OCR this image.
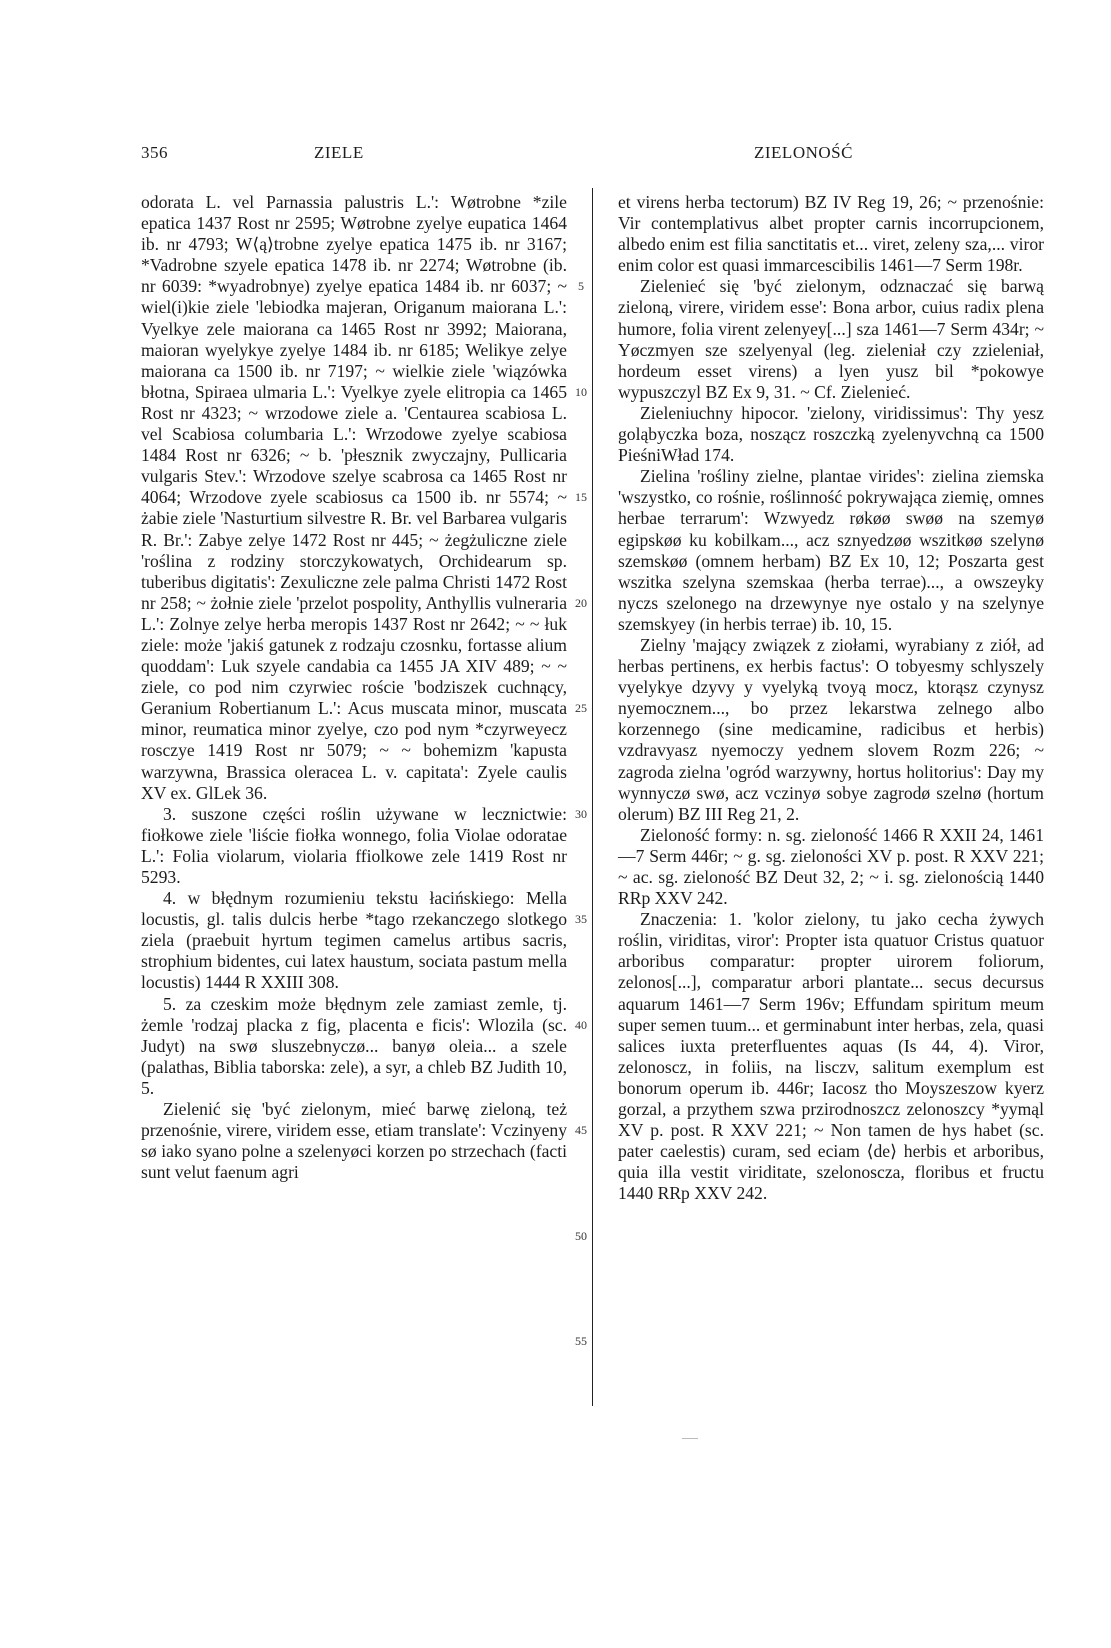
356	ZIELE	ZIELONOŚĆ

odorata L. vel Parnassia palustris L.': Wøtrobne *zile epatica 1437 Rost nr 2595; Wøtrobne zyelye eupatica 1464 ib. nr 4793; W⟨ą⟩trobne zyelye epatica 1475 ib. nr 3167; *Vadrobne szyele epatica 1478 ib. nr 2274; Wøtrobne (ib. nr 6039: *wyadrobnye) zyelye epatica 1484 ib. nr 6037; ~ wiel(i)kie ziele 'lebiodka majeran, Origanum maiorana L.': Vyelkye zele maiorana ca 1465 Rost nr 3992; Maiorana, maioran wyelykye zyelye 1484 ib. nr 6185; Welikye zelye maiorana ca 1500 ib. nr 7197; ~ wielkie ziele 'wiązówka błotna, Spiraea ulmaria L.': Vyelkye zyele elitropia ca 1465 Rost nr 4323; ~ wrzodowe ziele a. 'Centaurea scabiosa L. vel Scabiosa columbaria L.': Wrzodowe zyelye scabiosa 1484 Rost nr 6326; ~ b. 'płesznik zwyczajny, Pullicaria vulgaris Stev.': Wrzodove szelye scabrosa ca 1465 Rost nr 4064; Wrzodove zyele scabiosus ca 1500 ib. nr 5574; ~ żabie ziele 'Nasturtium silvestre R. Br. vel Barbarea vulgaris R. Br.': Zabye zelye 1472 Rost nr 445; ~ żegżuliczne ziele 'roślina z rodziny storczykowatych, Orchidearum sp. tuberibus digitatis': Zexuliczne zele palma Christi 1472 Rost nr 258; ~ żołnie ziele 'przelot pospolity, Anthyllis vulneraria L.': Zolnye zelye herba meropis 1437 Rost nr 2642; ~ ~ łuk ziele: może 'jakiś gatunek z rodzaju czosnku, fortasse alium quoddam': Luk szyele candabia ca 1455 JA XIV 489; ~ ~ ziele, co pod nim czyrwiec roście 'bodziszek cuchnący, Geranium Robertianum L.': Acus muscata minor, muscata minor, reumatica minor zyelye, czo pod nym *czyrweyecz rosczye 1419 Rost nr 5079; ~ ~ bohemizm 'kapusta warzywna, Brassica oleracea L. v. capitata': Zyele caulis XV ex. GlLek 36.

3. suszone części roślin używane w lecznictwie: fiołkowe ziele 'liście fiołka wonnego, folia Violae odoratae L.': Folia violarum, violaria ffiolkowe zele 1419 Rost nr 5293.

4. w błędnym rozumieniu tekstu łacińskiego: Mella locustis, gl. talis dulcis herbe *tago rzekanczego slotkego ziela (praebuit hyrtum tegimen camelus artibus sacris, strophium bidentes, cui latex haustum, sociata pastum mella locustis) 1444 R XXIII 308.

5. za czeskim może błędnym zele zamiast zemle, tj. żemle 'rodzaj placka z fig, placenta e ficis': Wlozila (sc. Judyt) na swø sluszebnyczø... banyø oleia... a szele (palathas, Biblia taborska: zele), a syr, a chleb BZ Judith 10, 5.

Zielenić się 'być zielonym, mieć barwę zieloną, też przenośnie, virere, viridem esse, etiam translate': Vczinyeny sø iako syano polne a szelenyøci korzen po strzechach (facti sunt velut faenum agri

5
10
15
20
25
30
35
40
45
50
55

et virens herba tectorum) BZ IV Reg 19, 26; ~ przenośnie: Vir contemplativus albet propter carnis incorrupcionem, albedo enim est filia sanctitatis et... viret, zeleny sza,... viror enim color est quasi immarcescibilis 1461—7 Serm 198r.

Zielenieć się 'być zielonym, odznaczać się barwą zieloną, virere, viridem esse': Bona arbor, cuius radix plena humore, folia virent zelenyey[...] sza 1461—7 Serm 434r; ~ Yøczmyen sze szelyenyal (leg. zieleniał czy zzieleniał, hordeum esset virens) a lyen yusz bil *pokowye wypuszczyl BZ Ex 9, 31. ~ Cf. Zielenieć.

Zieleniuchny hipocor. 'zielony, viridissimus': Thy yesz goląbyczka boza, noszącz roszczką zyelenyvchną ca 1500 PieśniWład 174.

Zielina 'rośliny zielne, plantae virides': zielina ziemska 'wszystko, co rośnie, roślinność pokrywająca ziemię, omnes herbae terrarum': Wzwyedz røkøø swøø na szemyø egipskøø ku kobilkam..., acz sznyedzøø wszitkøø szelynø szemskøø (omnem herbam) BZ Ex 10, 12; Poszarta gest wszitka szelyna szemskaa (herba terrae)..., a owszeyky nyczs szelonego na drzewynye nye ostalo y na szelynye szemskyey (in herbis terrae) ib. 10, 15.

Zielny 'mający związek z ziołami, wyrabiany z ziół, ad herbas pertinens, ex herbis factus': O tobyesmy schlyszely vyelykye dzyvy y vyelyką tvoyą mocz, ktorąsz czynysz nyemocznem..., bo przez lekarstwa zelnego albo korzennego (sine medicamine, radicibus et herbis) vzdravyasz nyemoczy yednem slovem Rozm 226; ~ zagroda zielna 'ogród warzywny, hortus holitorius': Day my wynnyczø swø, acz vczinyø sobye zagrodø szelnø (hortum olerum) BZ III Reg 21, 2.

Zieloność formy: n. sg. zieloność 1466 R XXII 24, 1461—7 Serm 446r; ~ g. sg. zieloności XV p. post. R XXV 221; ~ ac. sg. zieloność BZ Deut 32, 2; ~ i. sg. zielonością 1440 RRp XXV 242.

Znaczenia: 1. 'kolor zielony, tu jako cecha żywych roślin, viriditas, viror': Propter ista quatuor Cristus quatuor arboribus comparatur: propter uirorem foliorum, zelonos[...], comparatur arbori plantate... secus decursus aquarum 1461—7 Serm 196v; Effundam spiritum meum super semen tuum... et germinabunt inter herbas, zela, quasi salices iuxta preterfluentes aquas (Is 44, 4). Viror, zelonoscz, in foliis, na lisczv, salitum exemplum est bonorum operum ib. 446r; Iacosz tho Moyszeszow kyerz gorzal, a przythem szwa przirodnoszcz zelonoszcy *yymąl XV p. post. R XXV 221; ~ Non tamen de hys habet (sc. pater caelestis) curam, sed eciam ⟨de⟩ herbis et arboribus, quia illa vestit viriditate, szelonoscza, floribus et fructu 1440 RRp XXV 242.
